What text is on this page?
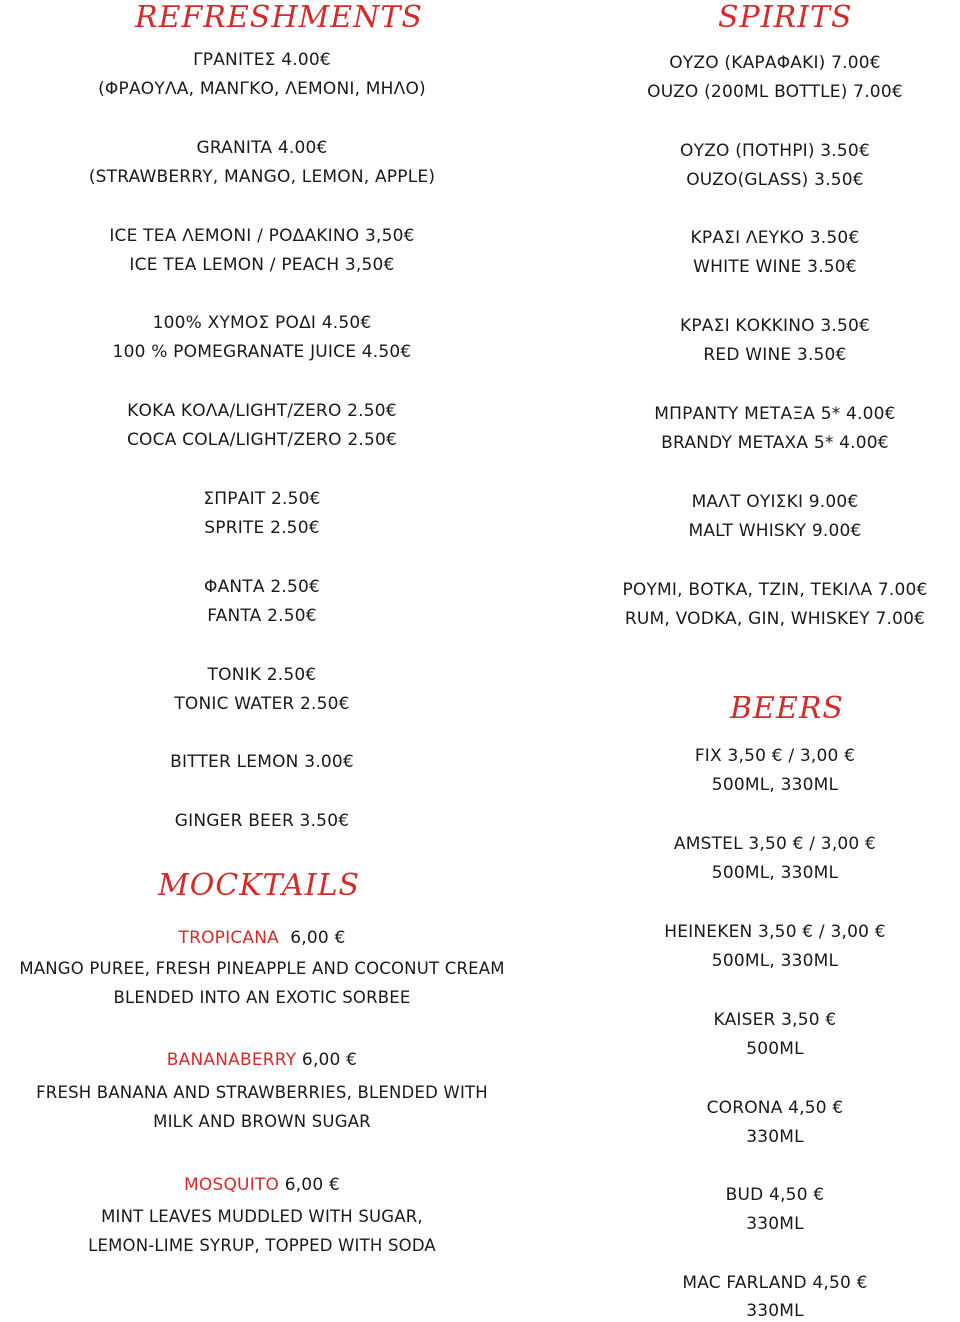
REFRESHMENTS
ΓΡΑΝΙΤΕΣ 4.00€
(ΦΡΑΟΥΛΑ, ΜΑΝΓΚΟ, ΛΕΜΟΝΙ, ΜΗΛΟ)
GRANITA 4.00€
(STRAWBERRY, MANGO, LEMON, APPLE)
ICE TEA ΛΕΜΟΝΙ / ΡΟΔΑΚΙΝΟ 3,50€
ICE TEA LEMON / PEACH 3,50€
100% ΧΥΜΟΣ ΡΟΔΙ 4.50€
100 % POMEGRANATE JUICE 4.50€
ΚΟΚΑ ΚΟΛΑ/LIGHT/ZERO 2.50€
COCA COLA/LIGHT/ZERO 2.50€
ΣΠΡΑΙΤ 2.50€
SPRITE 2.50€
ΦΑΝΤΑ 2.50€
FANTA 2.50€
ΤΟΝΙΚ 2.50€
TONIC WATER 2.50€
BITTER LEMON 3.00€
GINGER BEER 3.50€
MOCKTAILS
TROPICANA 6,00 €
MANGO PUREE, FRESH PINEAPPLE AND COCONUT CREAM
BLENDED INTO AN EXOTIC SORBEE
BANANABERRY 6,00 €
FRESH BANANA AND STRAWBERRIES, BLENDED WITH
MILK AND BROWN SUGAR
MOSQUITO 6,00 €
MINT LEAVES MUDDLED WITH SUGAR,
LEMON-LIME SYRUP, TOPPED WITH SODA
SPIRITS
ΟΥΖΟ (ΚΑΡΑΦΑΚΙ) 7.00€
OUZO (200ML BOTTLE) 7.00€
ΟΥΖΟ (ΠΟΤΗΡΙ) 3.50€
OUZO(GLASS) 3.50€
ΚΡΑΣΙ ΛΕΥΚΟ 3.50€
WHITE WINE 3.50€
ΚΡΑΣΙ ΚΟΚΚΙΝΟ 3.50€
RED WINE 3.50€
ΜΠΡΑΝΤΥ ΜΕΤΑΞΑ 5* 4.00€
BRANDY METAXA 5* 4.00€
ΜΑΛΤ ΟΥΙΣΚΙ 9.00€
MALT WHISKY 9.00€
ΡΟΥΜΙ, ΒΟΤΚΑ, ΤΖΙΝ, ΤΕΚΙΛΑ 7.00€
RUM, VODKA, GIN, WHISKEY 7.00€
BEERS
FIX 3,50 € / 3,00 €
500ML, 330ML
AMSTEL 3,50 € / 3,00 €
500ML, 330ML
HEINEKEN 3,50 € / 3,00 €
500ML, 330ML
KAISER 3,50 €
500ML
CORONA 4,50 €
330ML
BUD 4,50 €
330ML
MAC FARLAND 4,50 €
330ML
